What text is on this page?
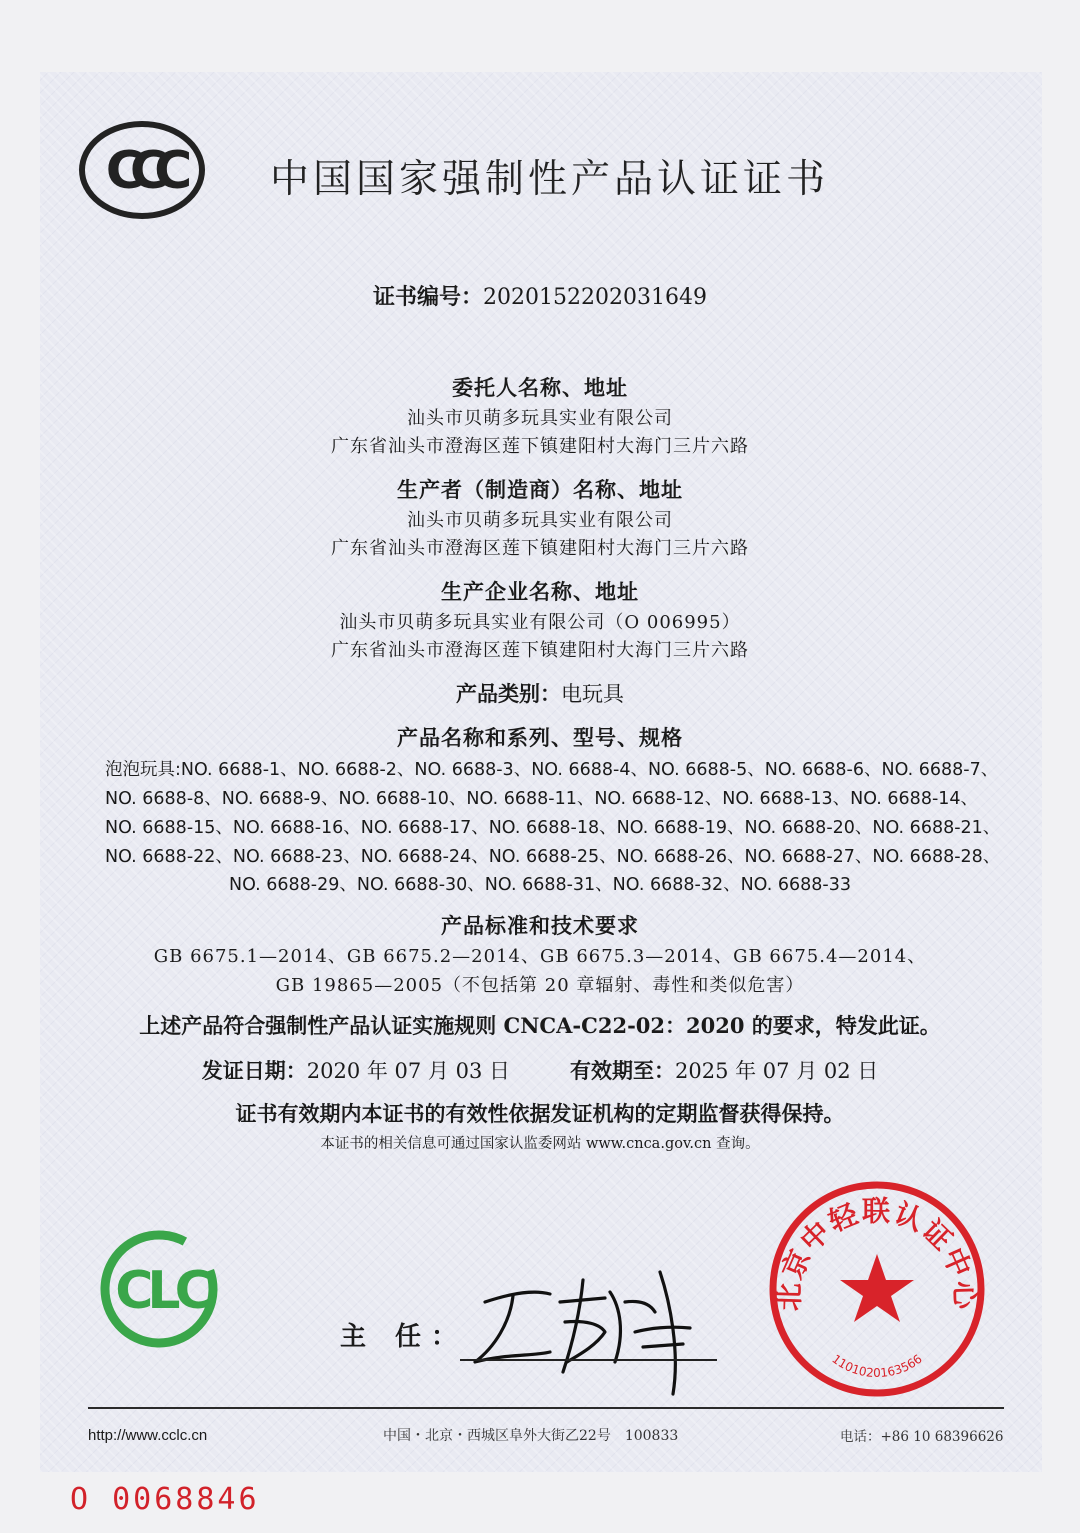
CCC 中国国家强制性产品认证证书
证书编号：2020152202031649
委托人名称、地址
汕头市贝萌多玩具实业有限公司
广东省汕头市澄海区莲下镇建阳村大海门三片六路
生产者（制造商）名称、地址
汕头市贝萌多玩具实业有限公司
广东省汕头市澄海区莲下镇建阳村大海门三片六路
生产企业名称、地址
汕头市贝萌多玩具实业有限公司（O 006995）
广东省汕头市澄海区莲下镇建阳村大海门三片六路
产品类别：电玩具
产品名称和系列、型号、规格
泡泡玩具:NO. 6688-1、NO. 6688-2、NO. 6688-3、NO. 6688-4、NO. 6688-5、NO. 6688-6、NO. 6688-7、
NO. 6688-8、NO. 6688-9、NO. 6688-10、NO. 6688-11、NO. 6688-12、NO. 6688-13、NO. 6688-14、
NO. 6688-15、NO. 6688-16、NO. 6688-17、NO. 6688-18、NO. 6688-19、NO. 6688-20、NO. 6688-21、
NO. 6688-22、NO. 6688-23、NO. 6688-24、NO. 6688-25、NO. 6688-26、NO. 6688-27、NO. 6688-28、
NO. 6688-29、NO. 6688-30、NO. 6688-31、NO. 6688-32、NO. 6688-33
产品标准和技术要求
GB 6675.1—2014、GB 6675.2—2014、GB 6675.3—2014、GB 6675.4—2014、
GB 19865—2005（不包括第 20 章辐射、毒性和类似危害）
上述产品符合强制性产品认证实施规则 CNCA-C22-02：2020 的要求，特发此证。
发证日期：2020 年 07 月 03 日	有效期至：2025 年 07 月 02 日
证书有效期内本证书的有效性依据发证机构的定期监督获得保持。
本证书的相关信息可通过国家认监委网站 www.cnca.gov.cn 查询。
CLC
主 任：
北京中轻联认证中心
1101020163566
http://www.cclc.cn	中国・北京・西城区阜外大街乙22号　100833	电话：+86 10 68396626
O 0068846
